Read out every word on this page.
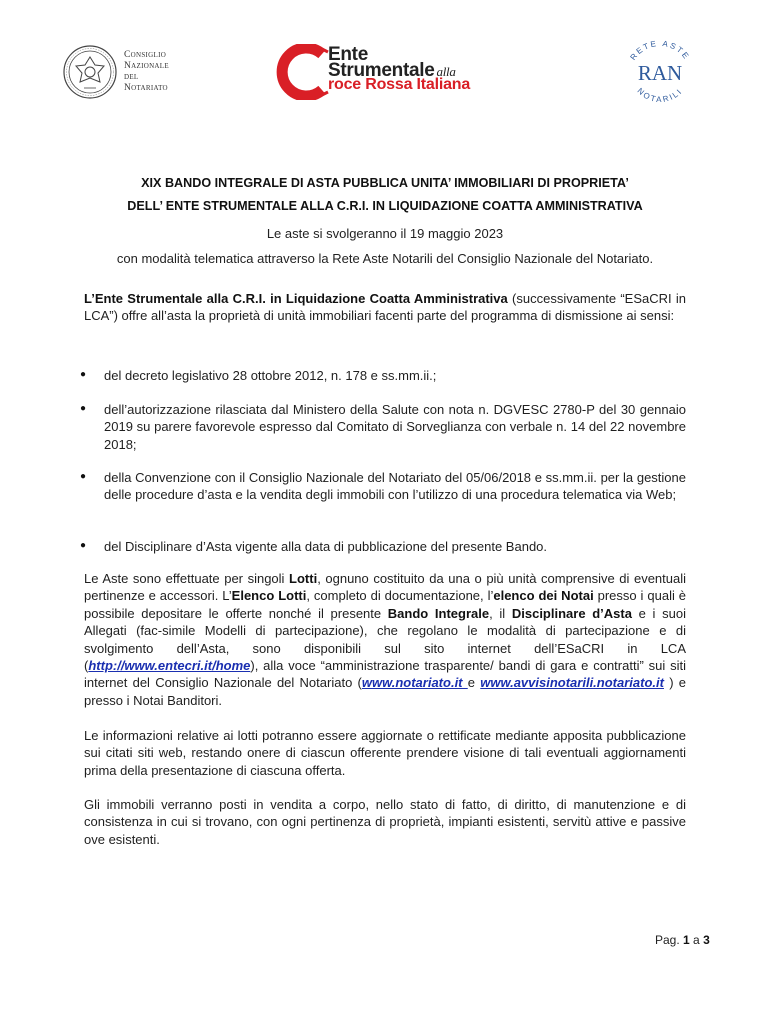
Consiglio
Nazionale
del
Notariato
L.C.A.
Ente
Strumentale alla
roce Rossa Italiana
RETE ASTE
RAN
NOTARILI
XIX BANDO INTEGRALE DI ASTA PUBBLICA UNITA’ IMMOBILIARI DI PROPRIETA’
DELL’ ENTE STRUMENTALE ALLA C.R.I. IN LIQUIDAZIONE COATTA AMMINISTRATIVA
Le aste si svolgeranno il 19 maggio 2023
con modalità telematica attraverso la Rete Aste Notarili del Consiglio Nazionale del Notariato.
L’Ente Strumentale alla C.R.I. in Liquidazione Coatta Amministrativa (successivamente “ESaCRI in LCA”) offre all’asta la proprietà di unità immobiliari facenti parte del programma di dismissione ai sensi:
● del decreto legislativo 28 ottobre 2012, n. 178 e ss.mm.ii.;
● dell’autorizzazione rilasciata dal Ministero della Salute con nota n. DGVESC 2780-P del 30 gennaio 2019 su parere favorevole espresso dal Comitato di Sorveglianza con verbale n. 14 del 22 novembre 2018;
● della Convenzione con il Consiglio Nazionale del Notariato del 05/06/2018 e ss.mm.ii. per la gestione delle procedure d’asta e la vendita degli immobili con l’utilizzo di una procedura telematica via Web;
● del Disciplinare d’Asta vigente alla data di pubblicazione del presente Bando.
Le Aste sono effettuate per singoli Lotti, ognuno costituito da una o più unità comprensive di eventuali pertinenze e accessori. L’Elenco Lotti, completo di documentazione, l’elenco dei Notai presso i quali è possibile depositare le offerte nonché il presente Bando Integrale, il Disciplinare d’Asta e i suoi Allegati (fac-simile Modelli di partecipazione), che regolano le modalità di partecipazione e di svolgimento dell’Asta, sono disponibili sul sito internet dell’ESaCRI in LCA (http://www.entecri.it/home), alla voce “amministrazione trasparente/ bandi di gara e contratti” sui siti internet del Consiglio Nazionale del Notariato (www.notariato.it e www.avvisinotarili.notariato.it ) e presso i Notai Banditori.
Le informazioni relative ai lotti potranno essere aggiornate o rettificate mediante apposita pubblicazione sui citati siti web, restando onere di ciascun offerente prendere visione di tali eventuali aggiornamenti prima della presentazione di ciascuna offerta.
Gli immobili verranno posti in vendita a corpo, nello stato di fatto, di diritto, di manutenzione e di consistenza in cui si trovano, con ogni pertinenza di proprietà, impianti esistenti, servitù attive e passive ove esistenti.
Pag. 1 a 3
